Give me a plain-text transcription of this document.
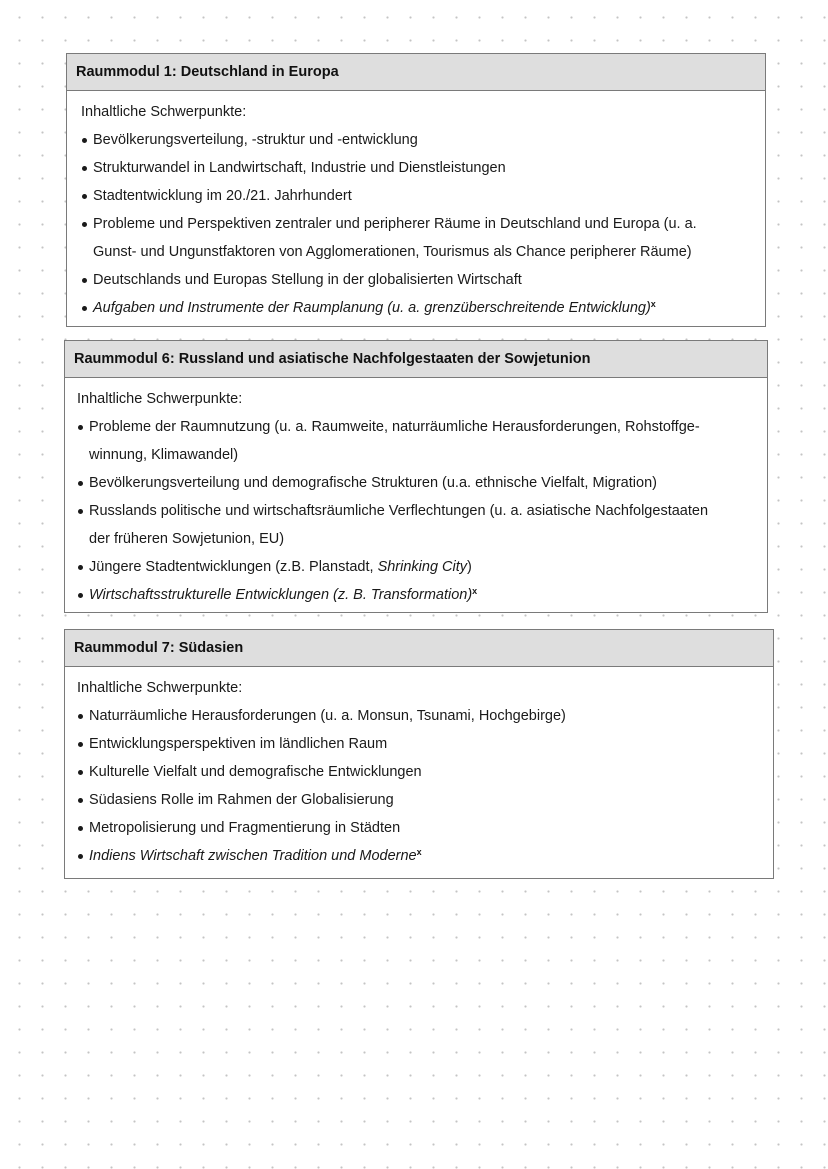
Raummodul 1: Deutschland in Europa

Inhaltliche Schwerpunkte:

Bevölkerungsverteilung, -struktur und -entwicklung
Strukturwandel in Landwirtschaft, Industrie und Dienstleistungen
Stadtentwicklung im 20./21. Jahrhundert
Probleme und Perspektiven zentraler und peripherer Räume in Deutschland und Europa (u. a.
Gunst- und Ungunstfaktoren von Agglomerationen, Tourismus als Chance peripherer Räume)
Deutschlands und Europas Stellung in der globalisierten Wirtschaft
Aufgaben und Instrumente der Raumplanung (u. a. grenzüberschreitende Entwicklung)$^x$
Raummodul 6: Russland und asiatische Nachfolgestaaten der Sowjetunion

Inhaltliche Schwerpunkte:

Probleme der Raumnutzung (u. a. Raumweite, naturräumliche Herausforderungen, Rohstoffge-
winnung, Klimawandel)
Bevölkerungsverteilung und demografische Strukturen (u.a. ethnische Vielfalt, Migration)
Russlands politische und wirtschaftsräumliche Verflechtungen (u. a. asiatische Nachfolgestaaten
der früheren Sowjetunion, EU)
Jüngere Stadtentwicklungen (z.B. Planstadt, Shrinking City)
Wirtschaftsstrukturelle Entwicklungen (z. B. Transformation)$^x$
Raummodul 7: Südasien

Inhaltliche Schwerpunkte:

Naturräumliche Herausforderungen (u. a. Monsun, Tsunami, Hochgebirge)
Entwicklungsperspektiven im ländlichen Raum
Kulturelle Vielfalt und demografische Entwicklungen
Südasiens Rolle im Rahmen der Globalisierung
Metropolisierung und Fragmentierung in Städten
Indiens Wirtschaft zwischen Tradition und Moderne$^x$
